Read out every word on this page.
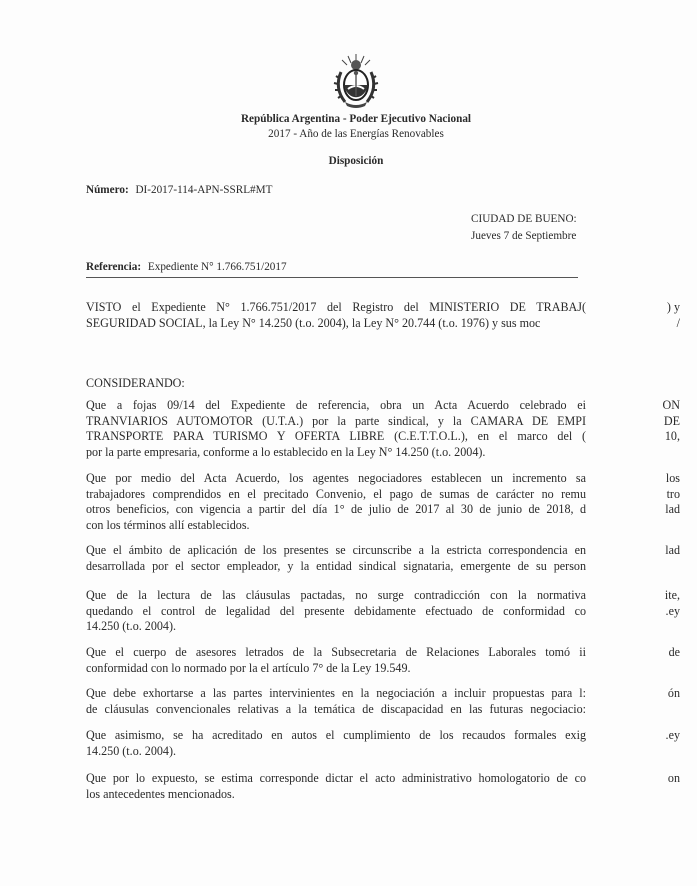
República Argentina - Poder Ejecutivo Nacional
2017 - Año de las Energías Renovables
Disposición
Número: DI-2017-114-APN-SSRL#MT
CIUDAD DE BUENO:
Jueves 7 de Septiembre
Referencia: Expediente N° 1.766.751/2017
VISTO el Expediente N° 1.766.751/2017 del Registro del MINISTERIO DE TRABAJ(
SEGURIDAD SOCIAL, la Ley N° 14.250 (t.o. 2004), la Ley N° 20.744 (t.o. 1976) y sus moc
) y
/
CONSIDERANDO:
Que a fojas 09/14 del Expediente de referencia, obra un Acta Acuerdo celebrado ei
TRANVIARIOS AUTOMOTOR (U.T.A.) por la parte sindical, y la CAMARA DE EMPI
TRANSPORTE PARA TURISMO Y OFERTA LIBRE (C.E.T.T.O.L.), en el marco del (
por la parte empresaria, conforme a lo establecido en la Ley N° 14.250 (t.o. 2004).
ON
DE
10,
Que por medio del Acta Acuerdo, los agentes negociadores establecen un incremento sa
trabajadores comprendidos en el precitado Convenio, el pago de sumas de carácter no remu
otros beneficios, con vigencia a partir del día 1° de julio de 2017 al 30 de junio de 2018, d
con los términos allí establecidos.
los
tro
lad
Que el ámbito de aplicación de los presentes se circunscribe a la estricta correspondencia en
desarrollada por el sector empleador, y la entidad sindical signataria, emergente de su person
lad
Que de la lectura de las cláusulas pactadas, no surge contradicción con la normativa
quedando el control de legalidad del presente debidamente efectuado de conformidad co
14.250 (t.o. 2004).
ite,
.ey
Que el cuerpo de asesores letrados de la Subsecretaria de Relaciones Laborales tomó ii
conformidad con lo normado por la el artículo 7° de la Ley 19.549.
de
Que debe exhortarse a las partes intervinientes en la negociación a incluir propuestas para l:
de cláusulas convencionales relativas a la temática de discapacidad en las futuras negociacio:
ón
Que asimismo, se ha acreditado en autos el cumplimiento de los recaudos formales exig
14.250 (t.o. 2004).
.ey
Que por lo expuesto, se estima corresponde dictar el acto administrativo homologatorio de co
los antecedentes mencionados.
on
